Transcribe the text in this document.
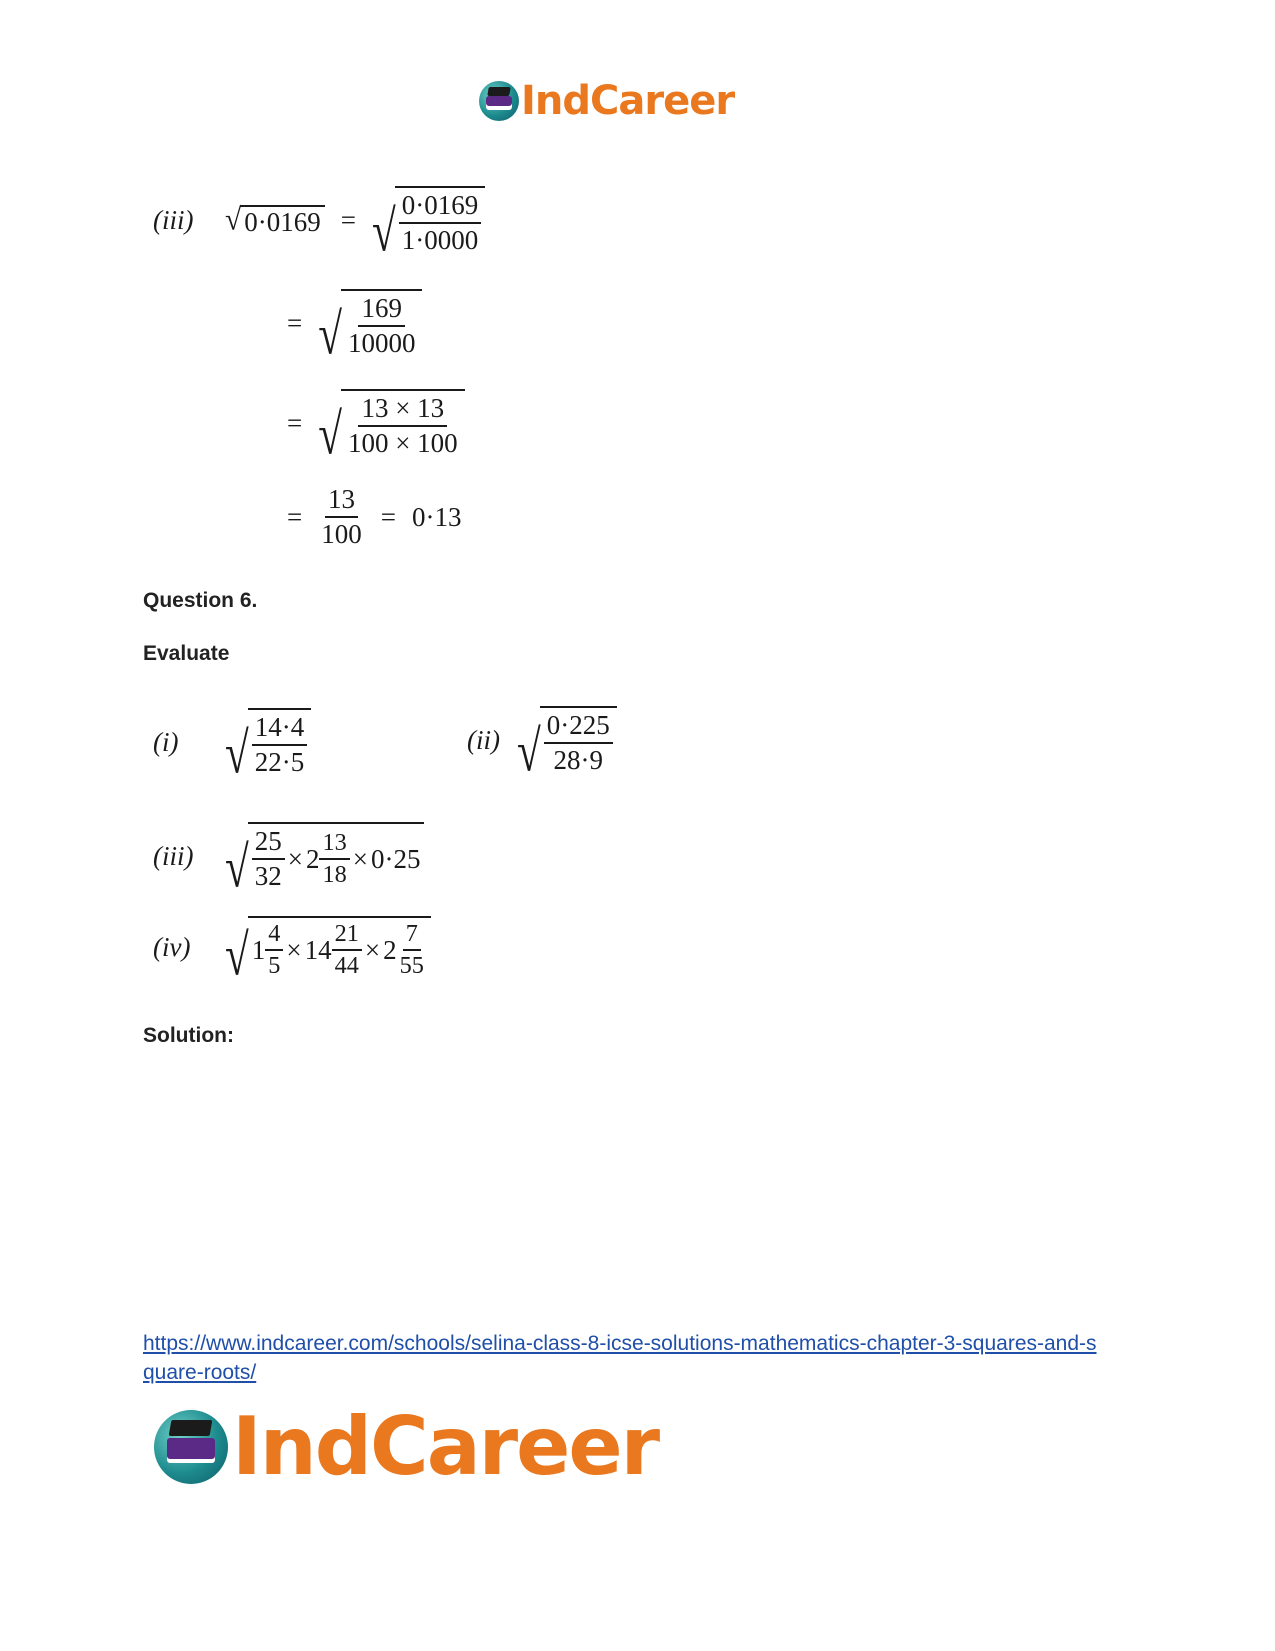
IndCareer
(iii)	√ 0·0169 = √ $\frac{0\cdot 0169}{1\cdot 0000}$
= √ $\frac{169}{10000}$
= √ $\frac{13 \times 13}{100 \times 100}$
= $\frac{13}{100} = 0\cdot 13$
Question 6.
Evaluate
(i)	√ $\frac{14\cdot 4}{22\cdot 5}$	(ii) √ $\frac{0\cdot 225}{28\cdot 9}$
(iii) √ $\frac{25}{32} \times 2 \frac{13}{18} \times 0\cdot 25$
(iv) √ $1 \frac{4}{5} \times 14 \frac{21}{44} \times 2 \frac{7}{55}$
Solution:
https://www.indcareer.com/schools/selina-class-8-icse-solutions-mathematics-chapter-3-squares-and-square-roots/
IndCareer
